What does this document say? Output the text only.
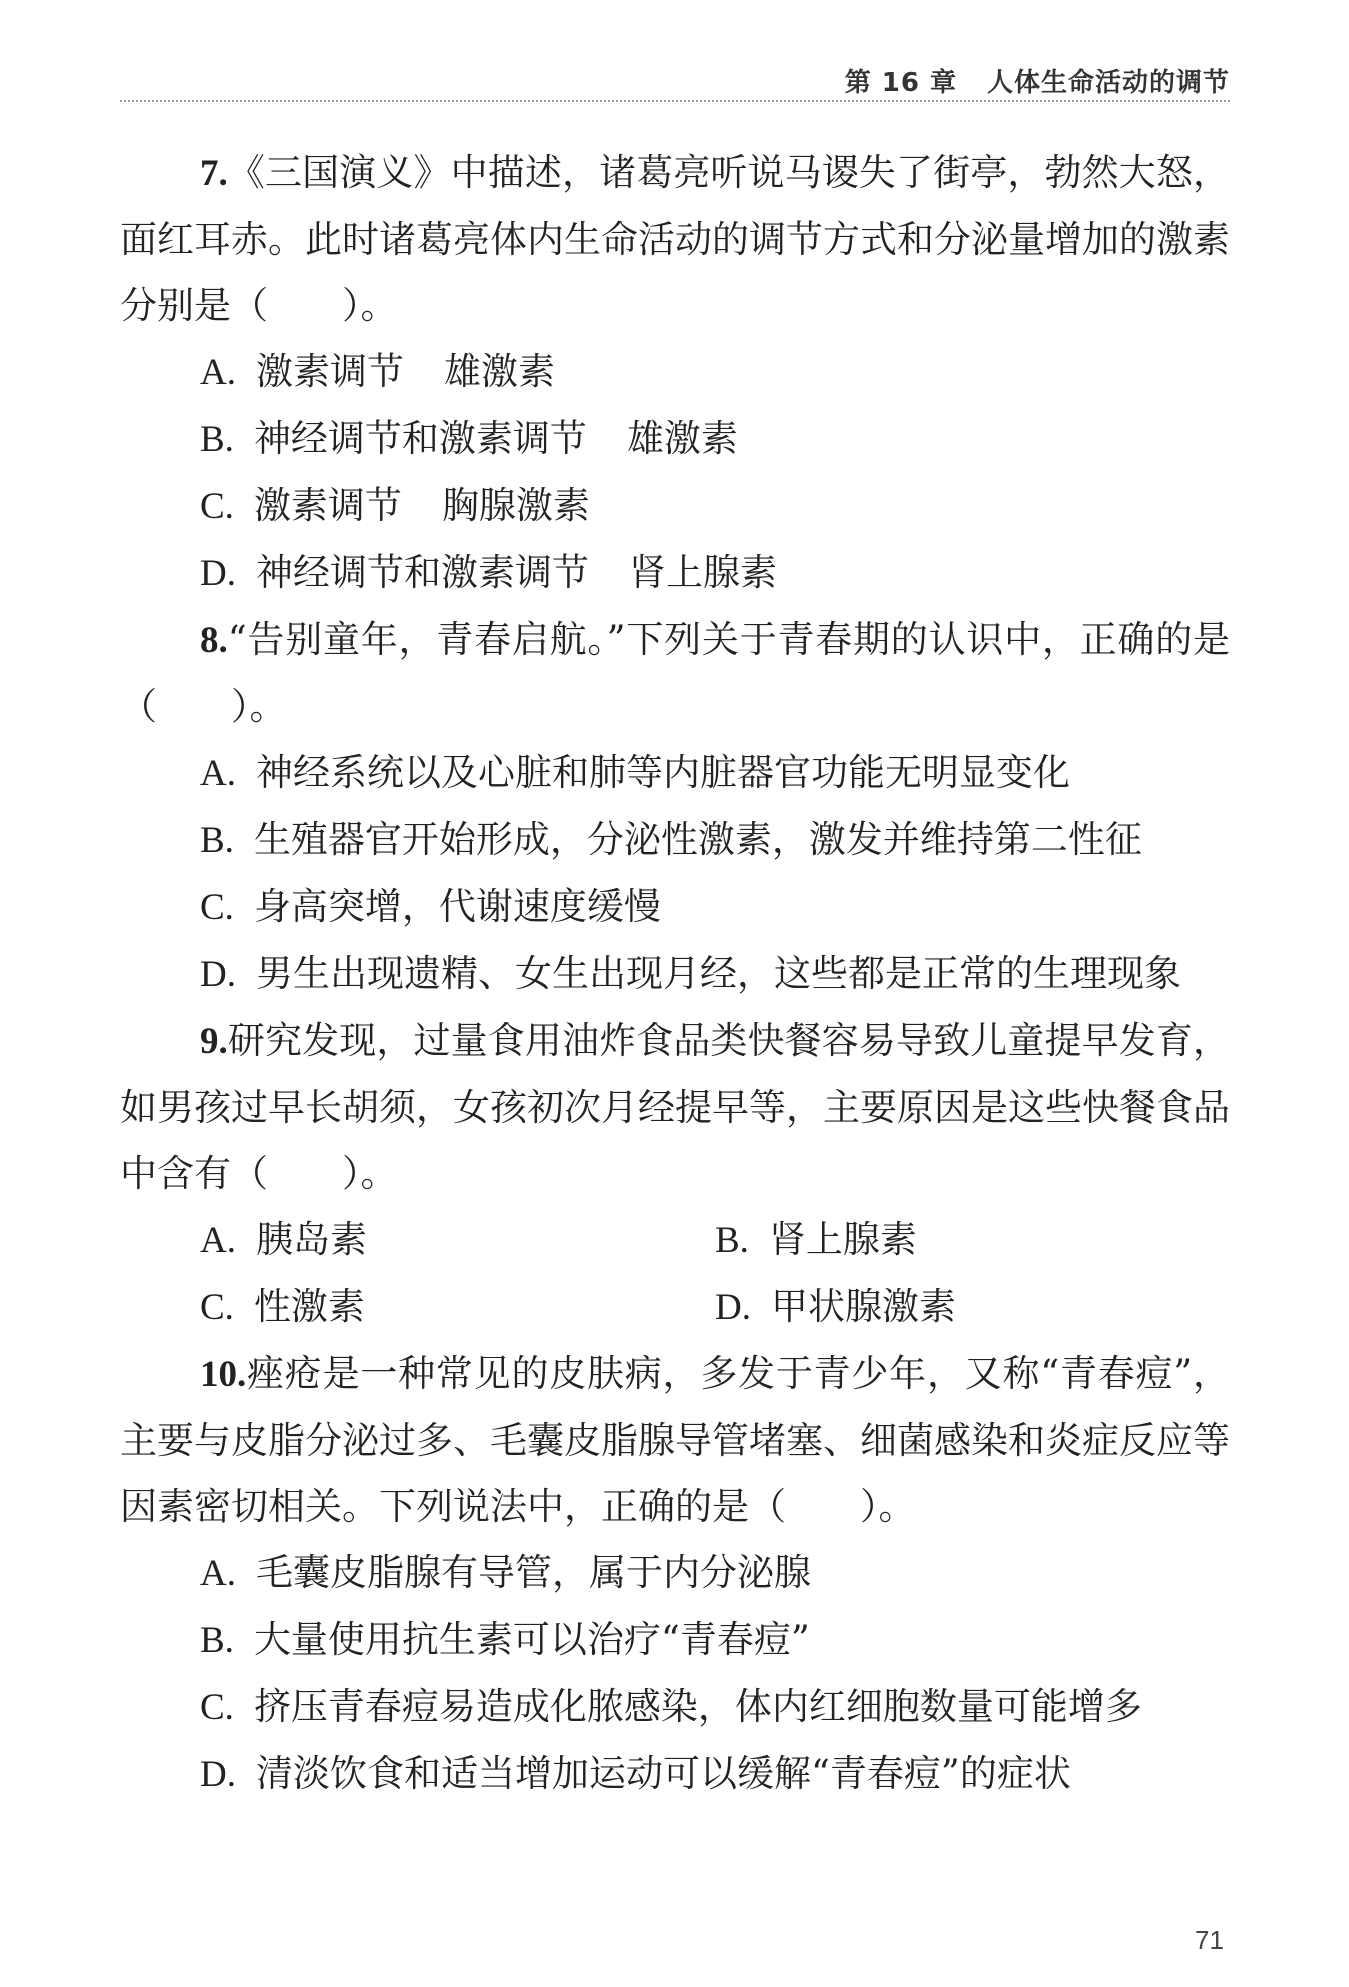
第 16 章 人体生命活动的调节

7.《三国演义》中描述，诸葛亮听说马谡失了街亭，勃然大怒，面红耳赤。此时诸葛亮体内生命活动的调节方式和分泌量增加的激素分别是（　　）。

A. 激素调节 雄激素

B. 神经调节和激素调节 雄激素

C. 激素调节 胸腺激素

D. 神经调节和激素调节 肾上腺素

8.“告别童年，青春启航。”下列关于青春期的认识中，正确的是（　　）。

A. 神经系统以及心脏和肺等内脏器官功能无明显变化

B. 生殖器官开始形成，分泌性激素，激发并维持第二性征

C. 身高突增，代谢速度缓慢

D. 男生出现遗精、女生出现月经，这些都是正常的生理现象

9.研究发现，过量食用油炸食品类快餐容易导致儿童提早发育，如男孩过早长胡须，女孩初次月经提早等，主要原因是这些快餐食品中含有（　　）。

A. 胰岛素	B. 肾上腺素
C. 性激素	D. 甲状腺激素

10.痤疮是一种常见的皮肤病，多发于青少年，又称“青春痘”，主要与皮脂分泌过多、毛囊皮脂腺导管堵塞、细菌感染和炎症反应等因素密切相关。下列说法中，正确的是（　　）。

A. 毛囊皮脂腺有导管，属于内分泌腺

B. 大量使用抗生素可以治疗“青春痘”

C. 挤压青春痘易造成化脓感染，体内红细胞数量可能增多

D. 清淡饮食和适当增加运动可以缓解“青春痘”的症状

71
